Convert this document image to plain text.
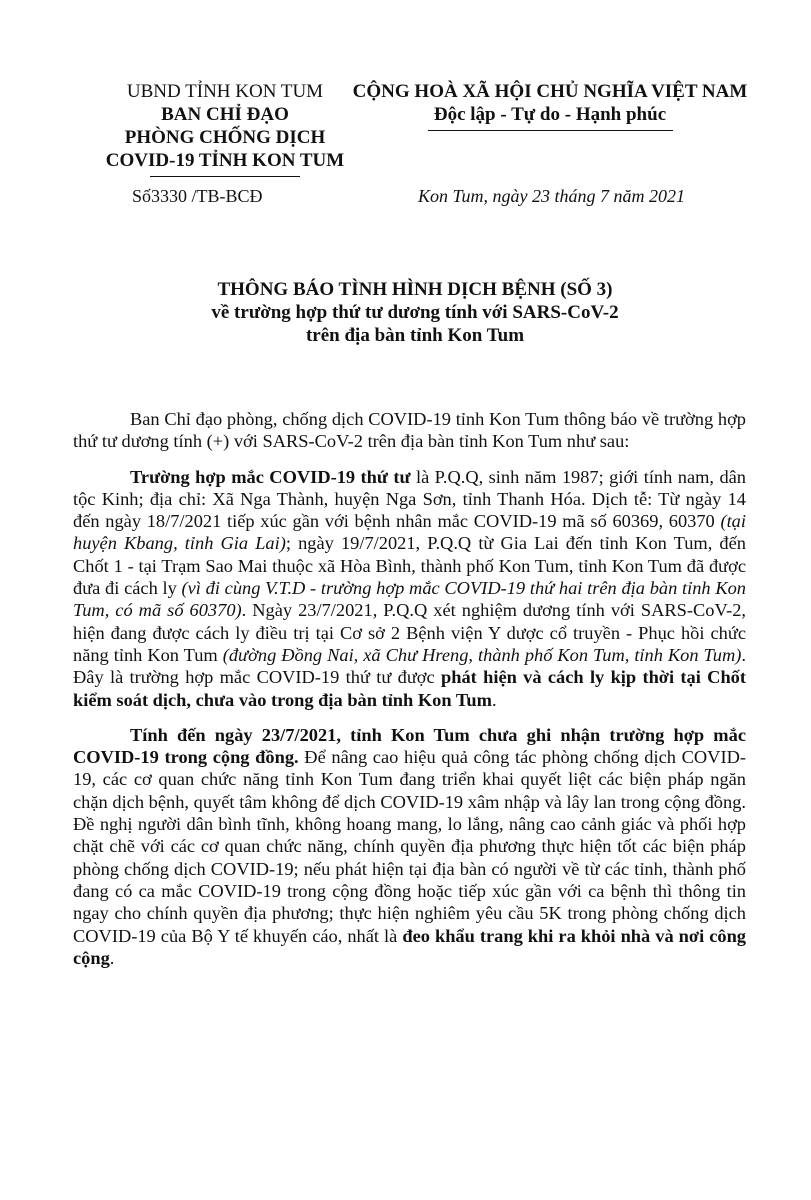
UBND TỈNH KON TUM
BAN CHỈ ĐẠO
PHÒNG CHỐNG DỊCH
COVID-19 TỈNH KON TUM
CỘNG HOÀ XÃ HỘI CHỦ NGHĨA VIỆT NAM
Độc lập - Tự do - Hạnh phúc
Số3330 /TB-BCĐ	Kon Tum, ngày 23 tháng 7 năm 2021
THÔNG BÁO TÌNH HÌNH DỊCH BỆNH (SỐ 3)
về trường hợp thứ tư dương tính với SARS-CoV-2
trên địa bàn tỉnh Kon Tum

Ban Chỉ đạo phòng, chống dịch COVID-19 tỉnh Kon Tum thông báo về trường hợp thứ tư dương tính (+) với SARS-CoV-2 trên địa bàn tỉnh Kon Tum như sau:

Trường hợp mắc COVID-19 thứ tư là P.Q.Q, sinh năm 1987; giới tính nam, dân tộc Kinh; địa chỉ: Xã Nga Thành, huyện Nga Sơn, tỉnh Thanh Hóa. Dịch tễ: Từ ngày 14 đến ngày 18/7/2021 tiếp xúc gần với bệnh nhân mắc COVID-19 mã số 60369, 60370 (tại huyện Kbang, tỉnh Gia Lai); ngày 19/7/2021, P.Q.Q từ Gia Lai đến tỉnh Kon Tum, đến Chốt 1 - tại Trạm Sao Mai thuộc xã Hòa Bình, thành phố Kon Tum, tỉnh Kon Tum đã được đưa đi cách ly (vì đi cùng V.T.D - trường hợp mắc COVID-19 thứ hai trên địa bàn tỉnh Kon Tum, có mã số 60370). Ngày 23/7/2021, P.Q.Q xét nghiệm dương tính với SARS-CoV-2, hiện đang được cách ly điều trị tại Cơ sở 2 Bệnh viện Y dược cổ truyền - Phục hồi chức năng tỉnh Kon Tum (đường Đồng Nai, xã Chư Hreng, thành phố Kon Tum, tỉnh Kon Tum). Đây là trường hợp mắc COVID-19 thứ tư được phát hiện và cách ly kịp thời tại Chốt kiểm soát dịch, chưa vào trong địa bàn tỉnh Kon Tum.

Tính đến ngày 23/7/2021, tỉnh Kon Tum chưa ghi nhận trường hợp mắc COVID-19 trong cộng đồng. Để nâng cao hiệu quả công tác phòng chống dịch COVID-19, các cơ quan chức năng tỉnh Kon Tum đang triển khai quyết liệt các biện pháp ngăn chặn dịch bệnh, quyết tâm không để dịch COVID-19 xâm nhập và lây lan trong cộng đồng. Đề nghị người dân bình tĩnh, không hoang mang, lo lắng, nâng cao cảnh giác và phối hợp chặt chẽ với các cơ quan chức năng, chính quyền địa phương thực hiện tốt các biện pháp phòng chống dịch COVID-19; nếu phát hiện tại địa bàn có người về từ các tỉnh, thành phố đang có ca mắc COVID-19 trong cộng đồng hoặc tiếp xúc gần với ca bệnh thì thông tin ngay cho chính quyền địa phương; thực hiện nghiêm yêu cầu 5K trong phòng chống dịch COVID-19 của Bộ Y tế khuyến cáo, nhất là đeo khẩu trang khi ra khỏi nhà và nơi công cộng.
